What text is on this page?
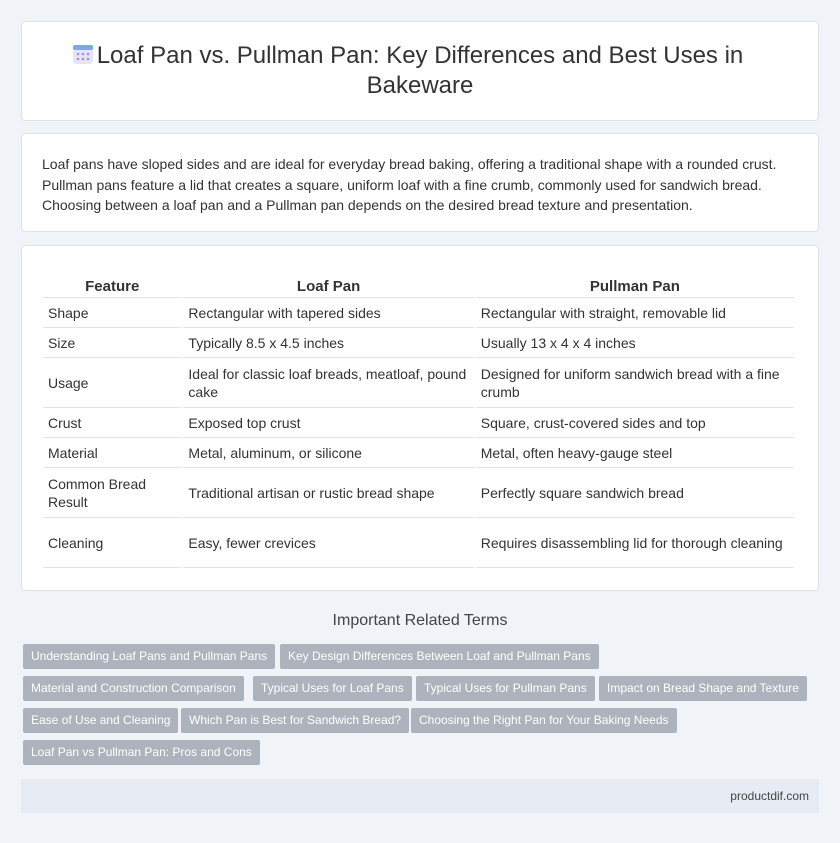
Loaf Pan vs. Pullman Pan: Key Differences and Best Uses in Bakeware

Loaf pans have sloped sides and are ideal for everyday bread baking, offering a traditional shape with a rounded crust. Pullman pans feature a lid that creates a square, uniform loaf with a fine crumb, commonly used for sandwich bread. Choosing between a loaf pan and a Pullman pan depends on the desired bread texture and presentation.

Feature	Loaf Pan	Pullman Pan
Shape	Rectangular with tapered sides	Rectangular with straight, removable lid
Size	Typically 8.5 x 4.5 inches	Usually 13 x 4 x 4 inches
Usage	Ideal for classic loaf breads, meatloaf, pound cake	Designed for uniform sandwich bread with a fine crumb
Crust	Exposed top crust	Square, crust-covered sides and top
Material	Metal, aluminum, or silicone	Metal, often heavy-gauge steel
Common Bread Result	Traditional artisan or rustic bread shape	Perfectly square sandwich bread
Cleaning	Easy, fewer crevices	Requires disassembling lid for thorough cleaning
Important Related Terms
Understanding Loaf Pans and Pullman Pans	Key Design Differences Between Loaf and Pullman Pans
Material and Construction Comparison	Typical Uses for Loaf Pans	Typical Uses for Pullman Pans	Impact on Bread Shape and Texture
Ease of Use and Cleaning	Which Pan is Best for Sandwich Bread?	Choosing the Right Pan for Your Baking Needs
Loaf Pan vs Pullman Pan: Pros and Cons
productdif.com
